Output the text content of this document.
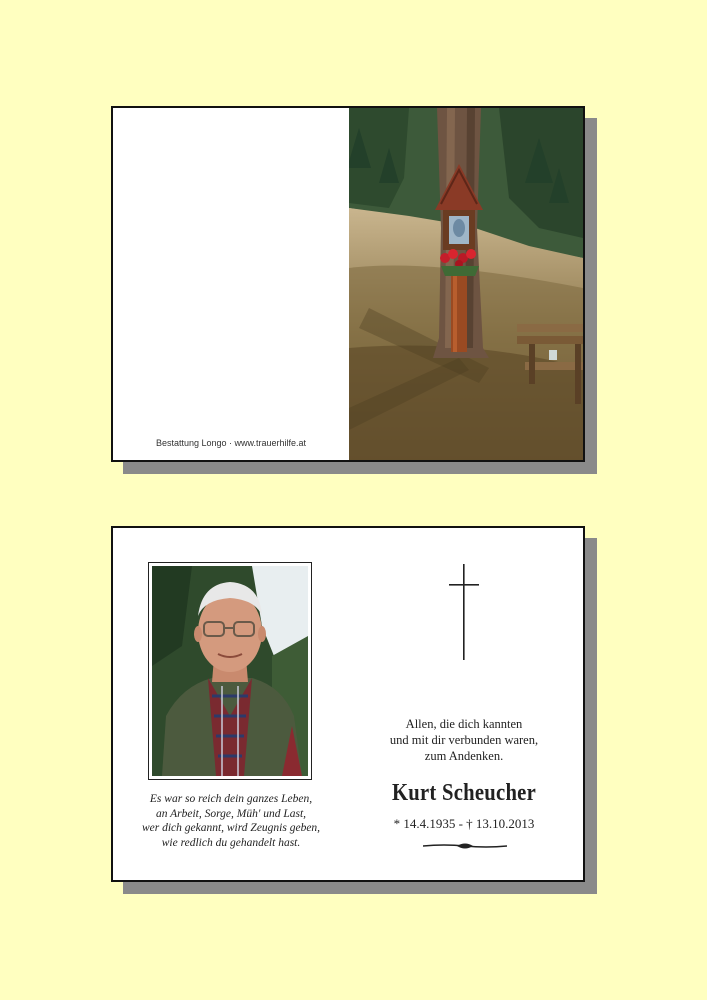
Bestattung Longo · www.trauerhilfe.at
Es war so reich dein ganzes Leben,
an Arbeit, Sorge, Müh' und Last,
wer dich gekannt, wird Zeugnis geben,
wie redlich du gehandelt hast.
Allen, die dich kannten
und mit dir verbunden waren,
zum Andenken.
Kurt Scheucher
* 14.4.1935 - † 13.10.2013
